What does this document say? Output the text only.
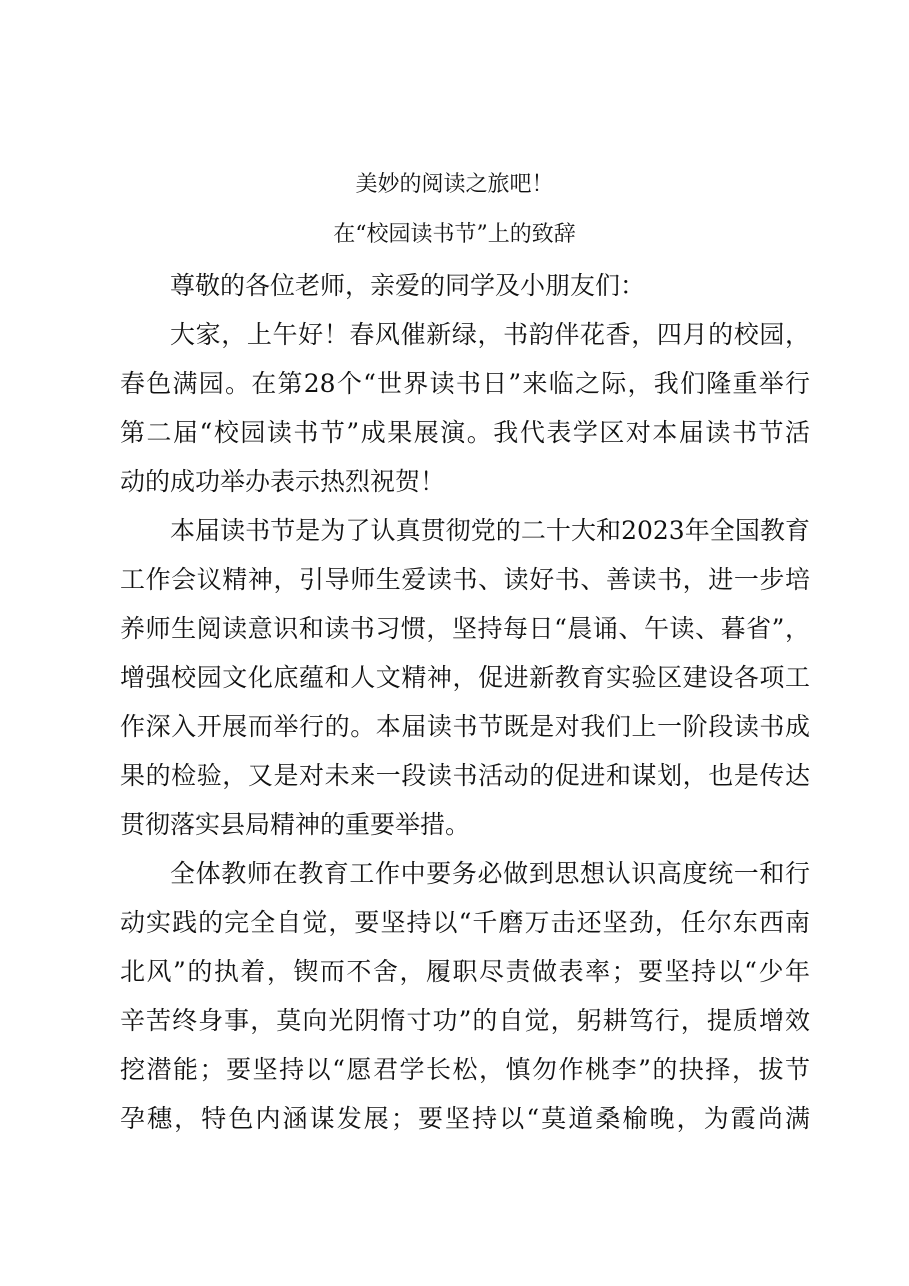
美妙的阅读之旅吧！
在“校园读书节”上的致辞
尊敬的各位老师，亲爱的同学及小朋友们：
大家，上午好！春风催新绿，书韵伴花香，四月的校园，
春色满园。在第28个“世界读书日”来临之际，我们隆重举行
第二届“校园读书节”成果展演。我代表学区对本届读书节活
动的成功举办表示热烈祝贺！
本届读书节是为了认真贯彻党的二十大和2023年全国教育
工作会议精神，引导师生爱读书、读好书、善读书，进一步培
养师生阅读意识和读书习惯，坚持每日“晨诵、午读、暮省”，
增强校园文化底蕴和人文精神，促进新教育实验区建设各项工
作深入开展而举行的。本届读书节既是对我们上一阶段读书成
果的检验，又是对未来一段读书活动的促进和谋划，也是传达
贯彻落实县局精神的重要举措。
全体教师在教育工作中要务必做到思想认识高度统一和行
动实践的完全自觉，要坚持以“千磨万击还坚劲，任尔东西南
北风”的执着，锲而不舍，履职尽责做表率；要坚持以“少年
辛苦终身事，莫向光阴惰寸功”的自觉，躬耕笃行，提质增效
挖潜能；要坚持以“愿君学长松，慎勿作桃李”的抉择，拔节
孕穗，特色内涵谋发展；要坚持以“莫道桑榆晚，为霞尚满
